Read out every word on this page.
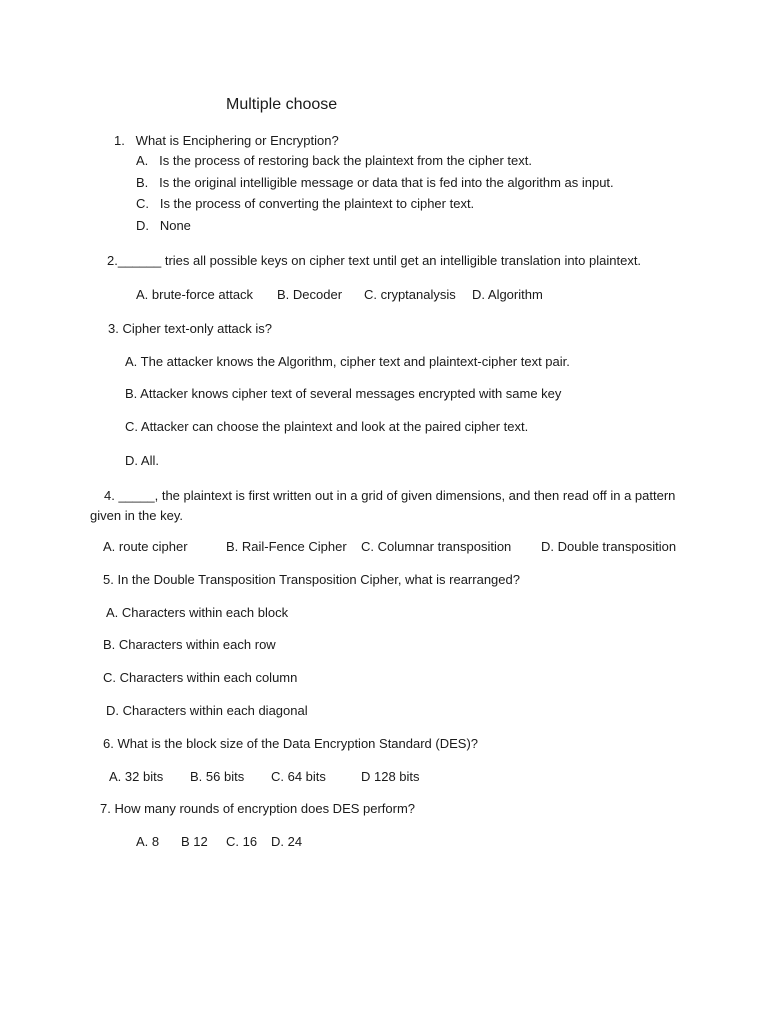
Multiple choose
1.   What is Enciphering or Encryption?
A.   Is the process of restoring back the plaintext from the cipher text.
B.   Is the original intelligible message or data that is fed into the algorithm as input.
C.   Is the process of converting the plaintext to cipher text.
D.   None
2.______ tries all possible keys on cipher text until get an intelligible translation into plaintext.
A. brute-force attack B. Decoder C. cryptanalysis D. Algorithm
3. Cipher text-only attack is?
A. The attacker knows the Algorithm, cipher text and plaintext-cipher text pair.
B. Attacker knows cipher text of several messages encrypted with same key
C. Attacker can choose the plaintext and look at the paired cipher text.
D. All.
4. _____, the plaintext is first written out in a grid of given dimensions, and then read off in a pattern
given in the key.
A. route cipher	B. Rail-Fence Cipher C. Columnar transposition D. Double transposition
5. In the Double Transposition Transposition Cipher, what is rearranged?
A. Characters within each block
B. Characters within each row
C. Characters within each column
D. Characters within each diagonal
6. What is the block size of the Data Encryption Standard (DES)?
A. 32 bits B. 56 bits C. 64 bits	D 128 bits
7. How many rounds of encryption does DES perform?
A. 8 B 12 C. 16 D. 24
